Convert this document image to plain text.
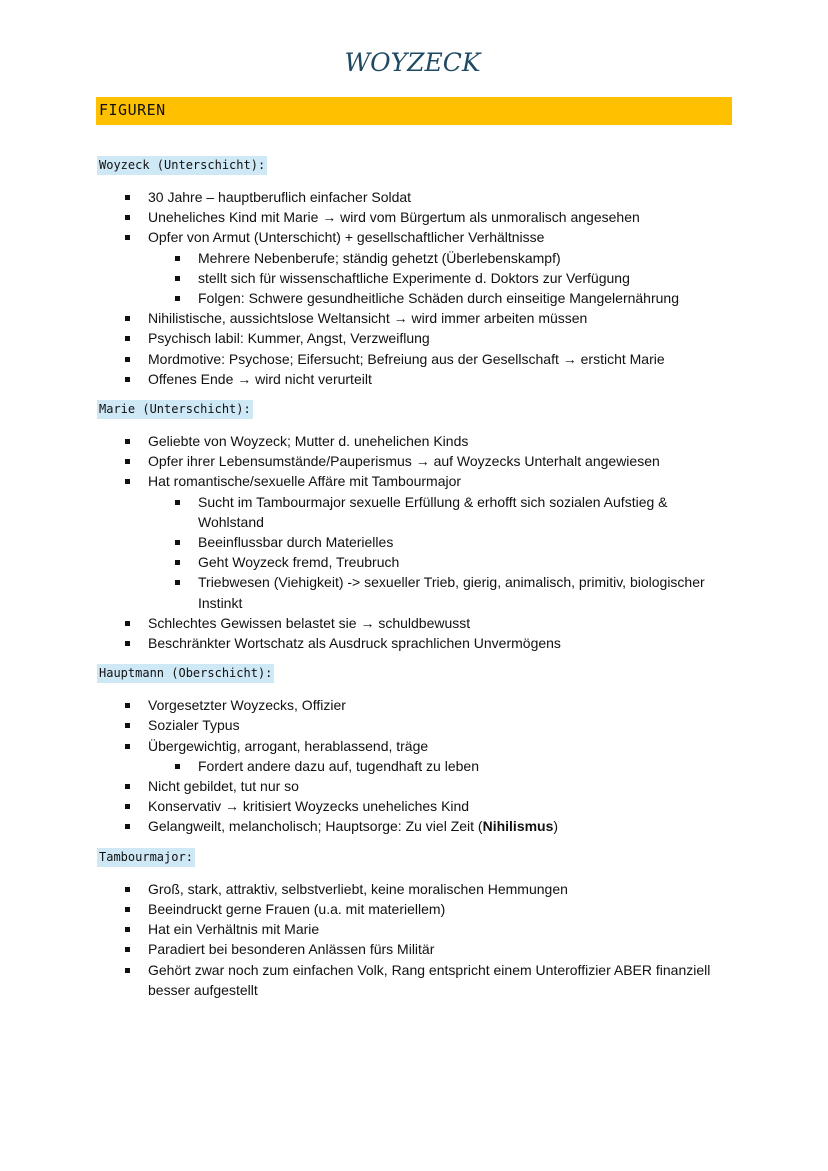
WOYZECK
FIGUREN
Woyzeck (Unterschicht):
30 Jahre – hauptberuflich einfacher Soldat
Uneheliches Kind mit Marie → wird vom Bürgertum als unmoralisch angesehen
Opfer von Armut (Unterschicht) + gesellschaftlicher Verhältnisse
Mehrere Nebenberufe; ständig gehetzt (Überlebenskampf)
stellt sich für wissenschaftliche Experimente d. Doktors zur Verfügung
Folgen: Schwere gesundheitliche Schäden durch einseitige Mangelernährung
Nihilistische, aussichtslose Weltansicht → wird immer arbeiten müssen
Psychisch labil: Kummer, Angst, Verzweiflung
Mordmotive: Psychose; Eifersucht; Befreiung aus der Gesellschaft → ersticht Marie
Offenes Ende → wird nicht verurteilt
Marie (Unterschicht):
Geliebte von Woyzeck; Mutter d. unehelichen Kinds
Opfer ihrer Lebensumstände/Pauperismus → auf Woyzecks Unterhalt angewiesen
Hat romantische/sexuelle Affäre mit Tambourmajor
Sucht im Tambourmajor sexuelle Erfüllung & erhofft sich sozialen Aufstieg & Wohlstand
Beeinflussbar durch Materielles
Geht Woyzeck fremd, Treubruch
Triebwesen (Viehigkeit) -> sexueller Trieb, gierig, animalisch, primitiv, biologischer Instinkt
Schlechtes Gewissen belastet sie → schuldbewusst
Beschränkter Wortschatz als Ausdruck sprachlichen Unvermögens
Hauptmann (Oberschicht):
Vorgesetzter Woyzecks, Offizier
Sozialer Typus
Übergewichtig, arrogant, herablassend, träge
Fordert andere dazu auf, tugendhaft zu leben
Nicht gebildet, tut nur so
Konservativ → kritisiert Woyzecks uneheliches Kind
Gelangweilt, melancholisch; Hauptsorge: Zu viel Zeit (Nihilismus)
Tambourmajor:
Groß, stark, attraktiv, selbstverliebt, keine moralischen Hemmungen
Beeindruckt gerne Frauen (u.a. mit materiellem)
Hat ein Verhältnis mit Marie
Paradiert bei besonderen Anlässen fürs Militär
Gehört zwar noch zum einfachen Volk, Rang entspricht einem Unteroffizier ABER finanziell besser aufgestellt
